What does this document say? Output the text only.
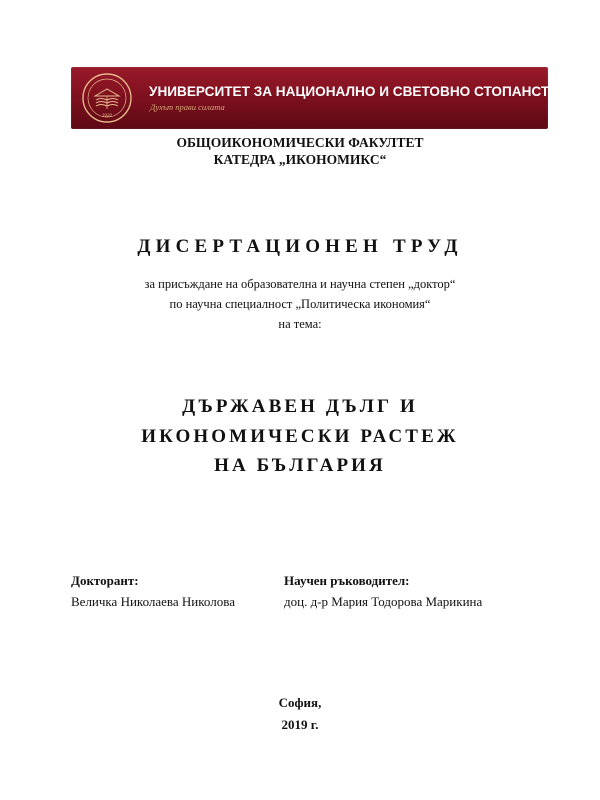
1920
УНИВЕРСИТЕТ ЗА НАЦИОНАЛНО И СВЕТОВНО СТОПАНСТВО
Духът прави силата
ОБЩОИКОНОМИЧЕСКИ ФАКУЛТЕТ
КАТЕДРА „ИКОНОМИКС“
ДИСЕРТАЦИОНЕН ТРУД
за присъждане на образователна и научна степен „доктор“
по научна специалност „Политическа икономия“
на тема:
ДЪРЖАВЕН ДЪЛГ И
ИКОНОМИЧЕСКИ РАСТЕЖ
НА БЪЛГАРИЯ
Докторант:
Величка Николаева Николова
Научен ръководител:
доц. д-р Мария Тодорова Марикина
София,
2019 г.
